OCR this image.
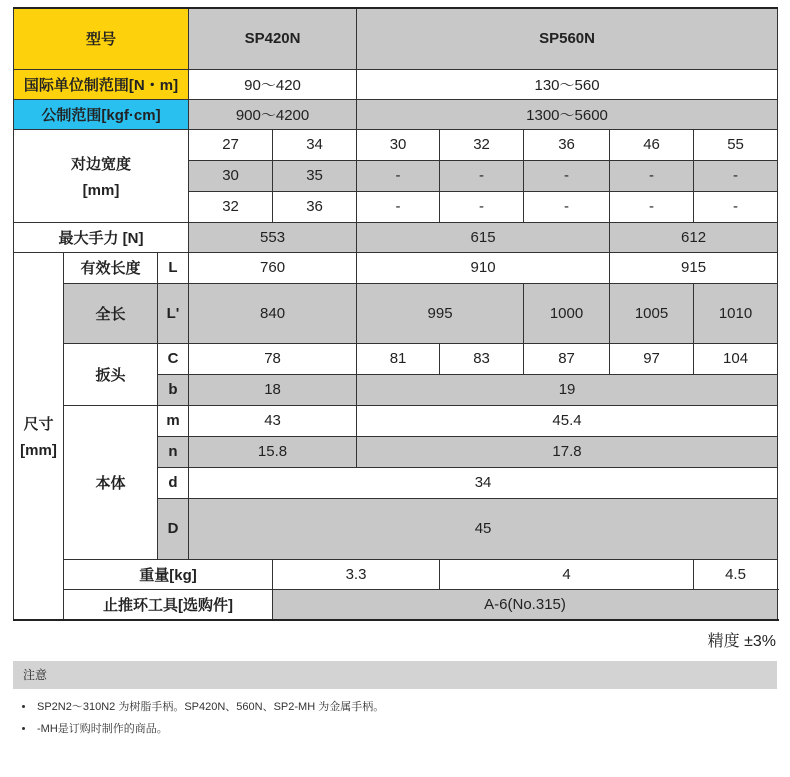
型号			SP420N		SP560N				
国际单位制范围[N・m]			90～420		130～560				
公制范围[kgf·cm]			900～4200		1300～5600				
对边宽度
[mm]			27	34	30	32	36	46	55
			30	35	-	-	-	-	-
			32	36	-	-	-	-	-
最大手力 [N]			553		615			612	
尺寸
[mm]	有效长度	L	760		910			915	
	全长	L'	840		995		1000	1005	1010
	扳头	C	78		81	83	87	97	104
		b	18		19				
	本体	m	43		45.4				
		n	15.8		17.8				
		d	34						
		D	45						
	重量[kg]			3.3		4			4.5
	止推环工具[选购件]			A-6(No.315)					
精度 ±3%
注意
• SP2N2～310N2 为树脂手柄。SP420N、560N、SP2-MH 为金属手柄。
• -MH是订购时制作的商品。
